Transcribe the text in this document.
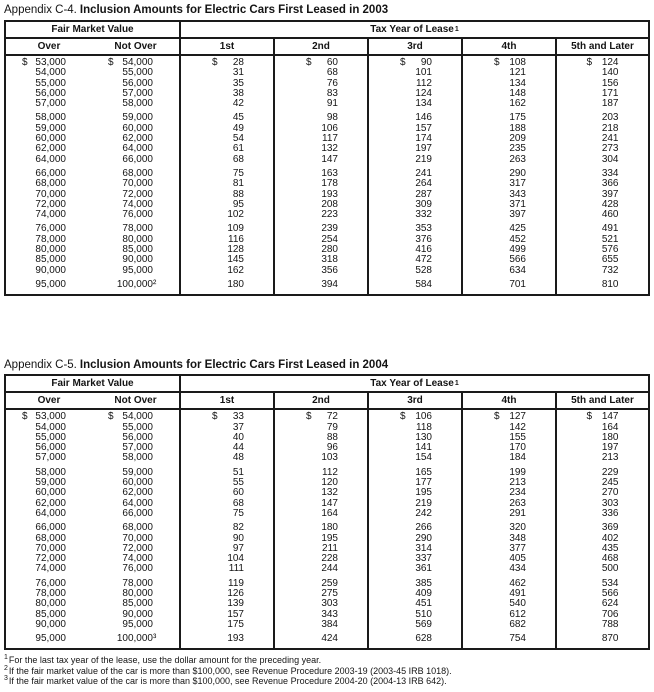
Appendix C-4. Inclusion Amounts for Electric Cars First Leased in 2003
Fair Market Value	Tax Year of Lease 1
Over	Not Over	1st	2nd	3rd	4th	5th and Later
$ 53,000	$ 54,000	$ 28	$ 60	$ 90	$ 108	$ 124
54,000	55,000	31	68	101	121	140
55,000	56,000	35	76	112	134	156
56,000	57,000	38	83	124	148	171
57,000	58,000	42	91	134	162	187
58,000	59,000	45	98	146	175	203
59,000	60,000	49	106	157	188	218
60,000	62,000	54	117	174	209	241
62,000	64,000	61	132	197	235	273
64,000	66,000	68	147	219	263	304
66,000	68,000	75	163	241	290	334
68,000	70,000	81	178	264	317	366
70,000	72,000	88	193	287	343	397
72,000	74,000	95	208	309	371	428
74,000	76,000	102	223	332	397	460
76,000	78,000	109	239	353	425	491
78,000	80,000	116	254	376	452	521
80,000	85,000	128	280	416	499	576
85,000	90,000	145	318	472	566	655
90,000	95,000	162	356	528	634	732
95,000	100,000 ²	180	394	584	701	810
Appendix C-5. Inclusion Amounts for Electric Cars First Leased in 2004
Fair Market Value	Tax Year of Lease 1
Over	Not Over	1st	2nd	3rd	4th	5th and Later
$ 53,000	$ 54,000	$ 33	$ 72	$ 106	$ 127	$ 147
54,000	55,000	37	79	118	142	164
55,000	56,000	40	88	130	155	180
56,000	57,000	44	96	141	170	197
57,000	58,000	48	103	154	184	213
58,000	59,000	51	112	165	199	229
59,000	60,000	55	120	177	213	245
60,000	62,000	60	132	195	234	270
62,000	64,000	68	147	219	263	303
64,000	66,000	75	164	242	291	336
66,000	68,000	82	180	266	320	369
68,000	70,000	90	195	290	348	402
70,000	72,000	97	211	314	377	435
72,000	74,000	104	228	337	405	468
74,000	76,000	111	244	361	434	500
76,000	78,000	119	259	385	462	534
78,000	80,000	126	275	409	491	566
80,000	85,000	139	303	451	540	624
85,000	90,000	157	343	510	612	706
90,000	95,000	175	384	569	682	788
95,000	100,000 ³	193	424	628	754	870
$^1$For the last tax year of the lease, use the dollar amount for the preceding year.
$^2$If the fair market value of the car is more than $100,000, see Revenue Procedure 2003-19 (2003-45 IRB 1018).
$^3$If the fair market value of the car is more than $100,000, see Revenue Procedure 2004-20 (2004-13 IRB 642).
